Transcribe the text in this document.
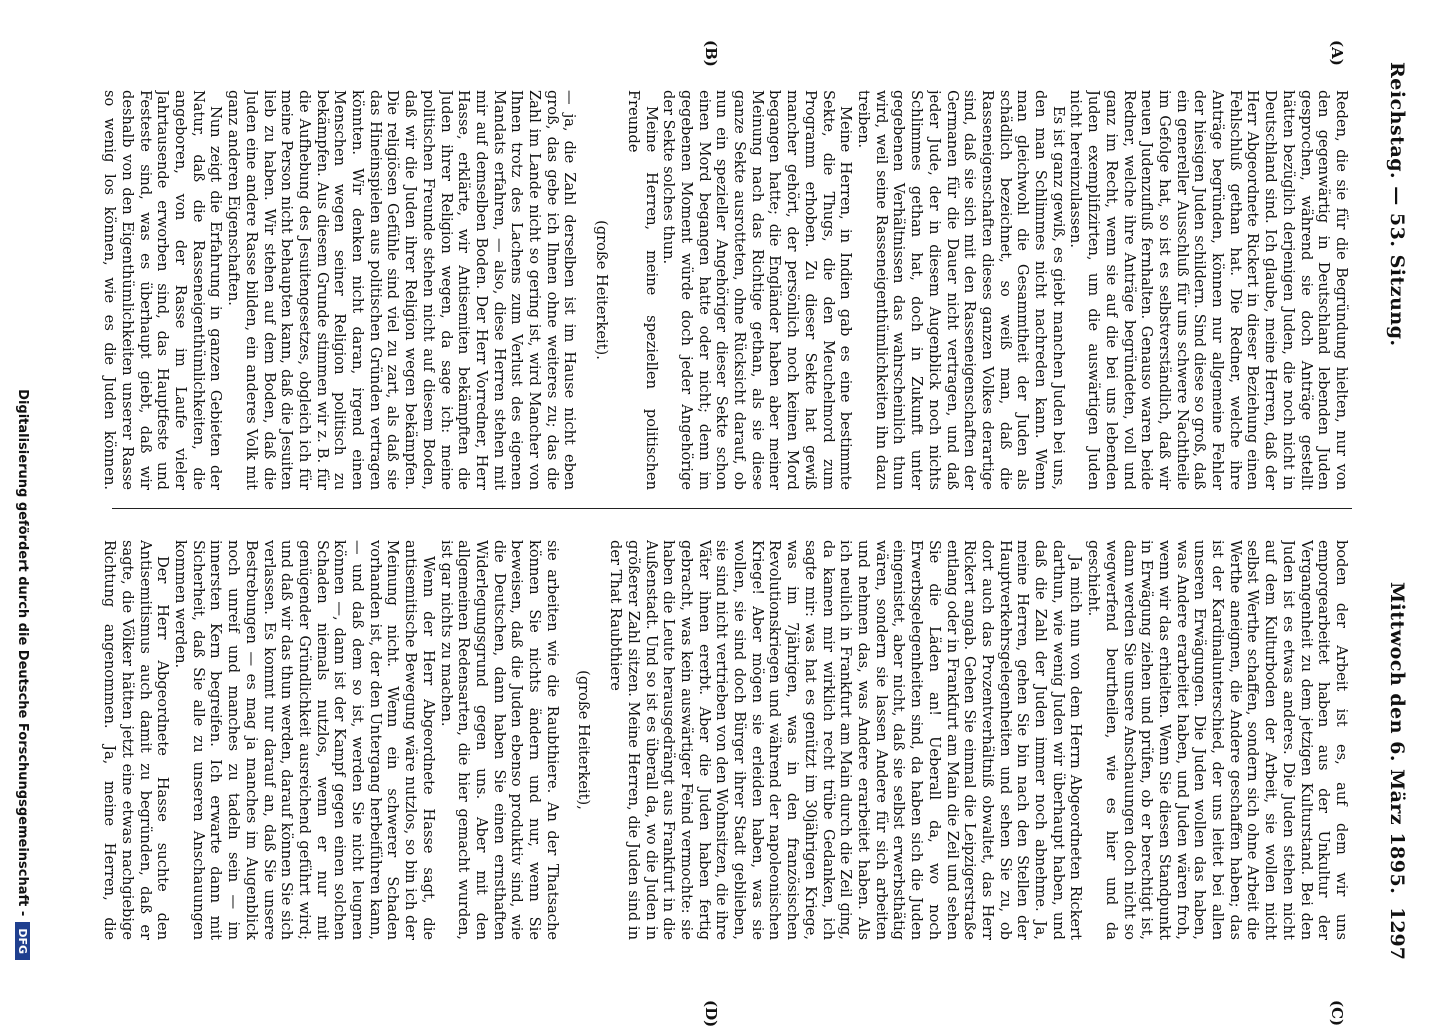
Reichstag. — 53. Sitzung.
Mittwoch den 6. März 1895.
1297
(A)
(B)
(C)
(D)

Reden, die sie für die Begründung hielten, nur von den gegenwärtig in Deutschland lebenden Juden gesprochen, während sie doch Anträge gestellt hätten bezüglich derjenigen Juden, die noch nicht in Deutschland sind. Ich glaube, meine Herren, daß der Herr Abgeordnete Rickert in dieser Beziehung einen Fehlschluß gethan hat. Die Redner, welche ihre Anträge begründen, können nur allgemeine Fehler der hiesigen Juden schildern. Sind diese so groß, daß ein genereller Ausschluß für uns schwere Nachtheile im Gefolge hat, so ist es selbstverständlich, daß wir neuen Judenzufluß fernhalten. Genauso waren beide Redner, welche ihre Anträge begründeten, voll und ganz im Recht, wenn sie auf die bei uns lebenden Juden exemplifizirten, um die auswärtigen Juden nicht hereinzulassen.

Es ist ganz gewiß, es giebt manchen Juden bei uns, den man Schlimmes nicht nachreden kann. Wenn man gleichwohl die Gesammtheit der Juden als schädlich bezeichnet, so weiß man, daß die Rasseneigenschaften dieses ganzen Volkes derartige sind, daß sie sich mit den Rasseneigenschaften der Germanen für die Dauer nicht vertragen, und daß jeder Jude, der in diesem Augenblick noch nichts Schlimmes gethan hat, doch in Zukunft unter gegebenen Verhältnissen das wahrscheinlich thun wird, weil seine Rasseneigenthümlichkeiten ihn dazu treiben.

Meine Herren, in Indien gab es eine bestimmte Sekte, die Thugs, die den Meuchelmord zum Programm erhoben. Zu dieser Sekte hat gewiß mancher gehört, der persönlich noch keinen Mord begangen hatte; die Engländer haben aber meiner Meinung nach das Richtige gethan, als sie diese ganze Sekte ausrotteten, ohne Rücksicht darauf, ob nun ein spezieller Angehöriger dieser Sekte schon einen Mord begangen hatte oder nicht; denn im gegebenen Moment würde doch jeder Angehörige der Sekte solches thun.

Meine Herren, meine speziellen politischen Freunde

(große Heiterkeit).

— ja, die Zahl derselben ist im Hause nicht eben groß, das gebe ich Ihnen ohne weiteres zu; das die Zahl im Lande nicht so gering ist, wird Mancher von Ihnen trotz des Lachens zum Verlust des eigenen Mandats erfahren, — also, diese Herren stehen mit mir auf demselben Boden. Der Herr Vorredner, Herr Hasse, erklärte, wir Antisemiten bekämpften die Juden ihrer Religion wegen, da sage ich: meine politischen Freunde stehen nicht auf diesem Boden, daß wir die Juden ihrer Religion wegen bekämpfen. Die religiösen Gefühle sind viel zu zart, als daß sie das Hineinspielen aus politischen Gründen vertragen könnten. Wir denken nicht daran, irgend einen Menschen wegen seiner Religion politisch zu bekämpfen. Aus diesem Grunde stimmen wir z. B. für die Aufhebung des Jesuitengesetzes, obgleich ich für meine Person nicht behaupten kann, daß die Jesuiten lieb zu haben. Wir stehen auf dem Boden, daß die Juden eine andere Rasse bilden, ein anderes Volk mit ganz anderen Eigenschaften.

Nun zeigt die Erfahrung in ganzen Gebieten der Natur, daß die Rasseneigenthümlichkeiten, die angeboren, von der Rasse im Laufe vieler Jahrtausende erworben sind, das Hauptfeste und Festeste sind, was es überhaupt giebt, daß wir deshalb von den Eigenthümlichkeiten unserer Rasse so wenig los können, wie es die Juden können.

boden der Arbeit ist es, auf dem wir uns emporgearbeitet haben aus der Unkultur der Vergangenheit zu dem jetzigen Kulturstand. Bei den Juden ist es etwas anderes. Die Juden stehen nicht auf dem Kulturboden der Arbeit, sie wollen nicht selbst Werthe schaffen, sondern sich ohne Arbeit die Werthe aneignen, die Andere geschaffen haben; das ist der Kardinalunterschied, der uns leitet bei allen unseren Erwägungen. Die Juden wollen das haben, was Andere erarbeitet haben, und Juden wären froh, wenn wir das erhielten. Wenn Sie diesen Standpunkt in Erwägung ziehen und prüfen, ob er berechtigt ist, dann werden Sie unsere Anschauungen doch nicht so wegwerfend beurtheilen, wie es hier und da geschieht.

Ja mich nun von dem Herrn Abgeordneten Rickert darthun, wie wenig Juden wir überhaupt haben, und daß die Zahl der Juden immer noch abnehme. Ja, meine Herren, gehen Sie bin nach den Stellen der Hauptverkehrsgelegenheiten und sehen Sie zu, ob dort auch das Prozentverhältniß obwaltet, das Herr Rickert angab. Gehen Sie einmal die Leipzigerstraße entlang oder in Frankfurt am Main die Zeil und sehen Sie die Läden an! Ueberall da, wo noch Erwerbsgelegenheiten sind, da haben sich die Juden eingenistet, aber nicht, daß sie selbst erwerbsthätig wären, sondern sie lassen Andere für sich arbeiten und nehmen das, was Andere erarbeitet haben. Als ich neulich in Frankfurt am Main durch die Zeil ging, da kamen mir wirklich recht trübe Gedanken, ich sagte mir: was hat es genützt im 30jährigen Kriege, was im 7jährigen, was in den französischen Revolutionskriegen und während der napoleonischen Kriege! Aber mögen sie erleiden haben, was sie wollen, sie sind doch Bürger ihrer Stadt geblieben, sie sind nicht vertrieben von den Wohnsitzen, die ihre Väter ihnen ererbt. Aber die Juden haben fertig gebracht, was kein auswärtiger Feind vermochte: sie haben die Leute herausgedrängt aus Frankfurt in die Außenstadt. Und so ist es überall da, wo die Juden in größerer Zahl sitzen. Meine Herren, die Juden sind in der That Raubthiere

(große Heiterkeit),

sie arbeiten wie die Raubthiere. An der Thatsache können Sie nichts ändern und nur, wenn Sie beweisen, daß die Juden ebenso produktiv sind, wie die Deutschen, dann haben Sie einen ernsthaften Widerlegungsgrund gegen uns. Aber mit den allgemeinen Redensarten, die hier gemacht wurden, ist gar nichts zu machen.

Wenn der Herr Abgeordnete Hasse sagt, die antisemitische Bewegung wäre nutzlos, so bin ich der Meinung nicht. Wenn ein schwerer Schaden vorhanden ist, der den Untergang herbeiführen kann, — und daß dem so ist, werden Sie nicht leugnen können —, dann ist der Kampf gegen einen solchen Schaden niemals nutzlos, wenn er nur mit genügender Gründlichkeit ausreichend geführt wird; und daß wir das thun werden, darauf können Sie sich verlassen. Es kommt nur darauf an, daß Sie unsere Bestrebungen — es mag ja manches im Augenblick noch unreif und manches zu tadeln sein — im innersten Kern begreifen. Ich erwarte dann mit Sicherheit, daß Sie alle zu unseren Anschauungen kommen werden.

Der Herr Abgeordnete Hasse suchte den Antisemitismus auch damit zu begründen, daß er sagte, die Völker hätten jetzt eine etwas nachgiebige Richtung angenommen. Ja, meine Herren, die

Digitalisierung gefördert durch die Deutsche Forschungsgemeinschaft -DFG
